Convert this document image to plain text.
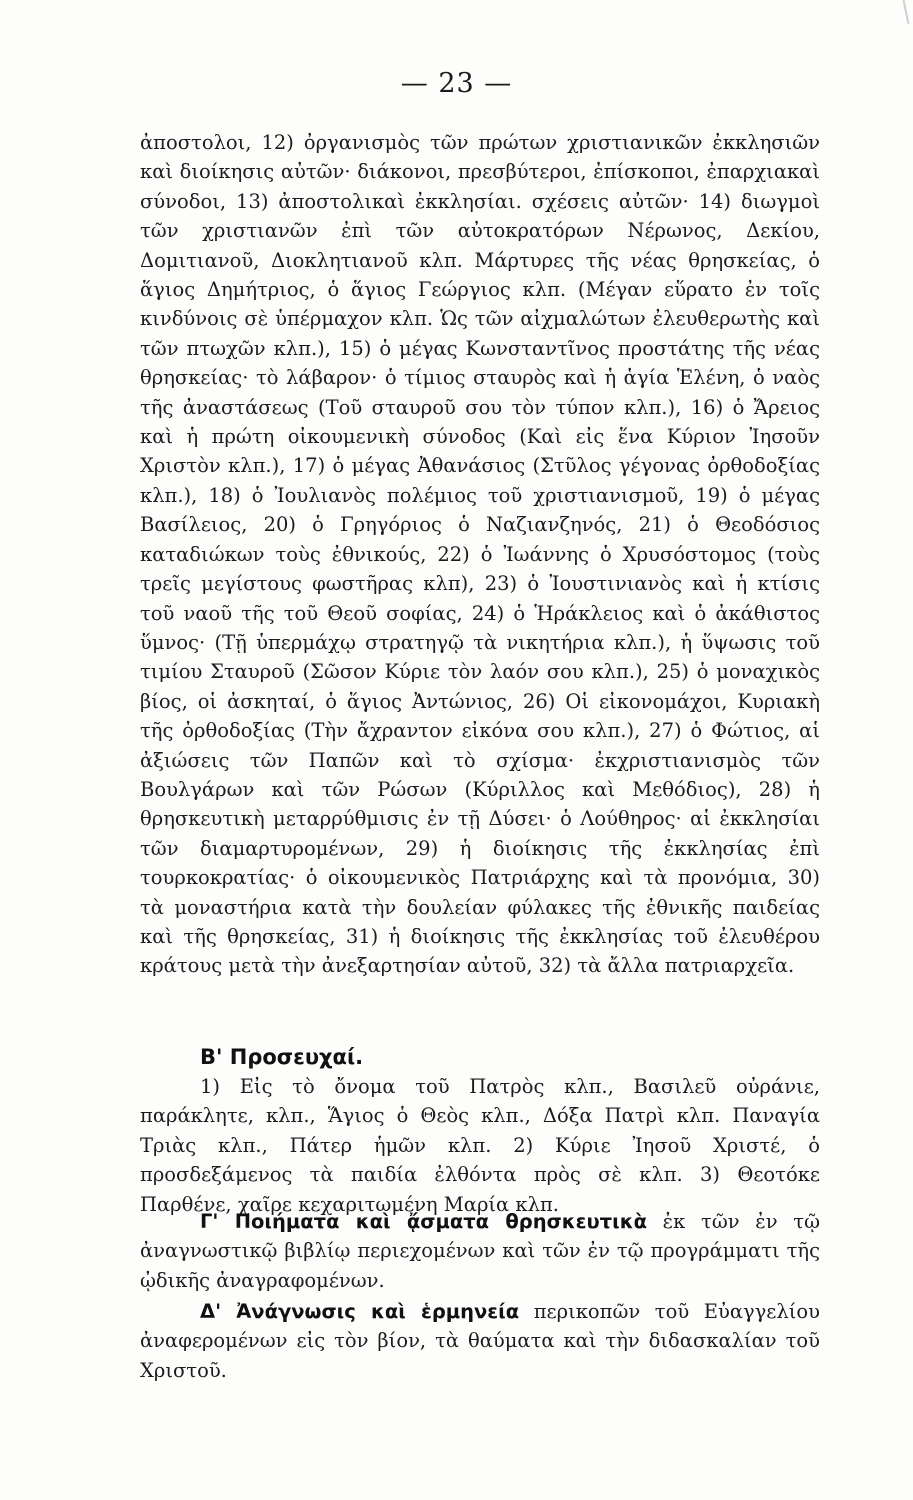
— 23 —

ἀποστολοι, 12) ὀργανισμὸς τῶν πρώτων χριστιανικῶν ἐκκλησιῶν καὶ διοίκησις αὐτῶν· διάκονοι, πρεσβύτεροι, ἐπίσκοποι, ἐπαρχιακαὶ σύνοδοι, 13) ἀποστολικαὶ ἐκκλησίαι. σχέσεις αὐτῶν· 14) διωγμοὶ τῶν χριστιανῶν ἐπὶ τῶν αὐτοκρατόρων Νέρωνος, Δεκίου, Δομιτιανοῦ, Διοκλητιανοῦ κλπ. Μάρτυρες τῆς νέας θρησκείας, ὁ ἅγιος Δημήτριος, ὁ ἅγιος Γεώργιος κλπ. (Μέγαν εὕρατο ἐν τοῖς κινδύνοις σὲ ὑπέρμαχον κλπ. Ὡς τῶν αἰχμαλώτων ἐλευθερωτὴς καὶ τῶν πτωχῶν κλπ.), 15) ὁ μέγας Κωνσταντῖνος προστάτης τῆς νέας θρησκείας· τὸ λάβαρον· ὁ τίμιος σταυρὸς καὶ ἡ ἁγία Ἑλένη, ὁ ναὸς τῆς ἀναστάσεως (Τοῦ σταυροῦ σου τὸν τύπον κλπ.), 16) ὁ Ἄρειος καὶ ἡ πρώτη οἰκουμενικὴ σύνοδος (Καὶ εἰς ἕνα Κύριον Ἰησοῦν Χριστὸν κλπ.), 17) ὁ μέγας Ἀθανάσιος (Στῦλος γέγονας ὀρθοδοξίας κλπ.), 18) ὁ Ἰουλιανὸς πολέμιος τοῦ χριστιανισμοῦ, 19) ὁ μέγας Βασίλειος, 20) ὁ Γρηγόριος ὁ Ναζιανζηνός, 21) ὁ Θεοδόσιος καταδιώκων τοὺς ἐθνικούς, 22) ὁ Ἰωάννης ὁ Χρυσόστομος (τοὺς τρεῖς μεγίστους φωστῆρας κλπ), 23) ὁ Ἰουστινιανὸς καὶ ἡ κτίσις τοῦ ναοῦ τῆς τοῦ Θεοῦ σοφίας, 24) ὁ Ἡράκλειος καὶ ὁ ἀκάθιστος ὕμνος· (Τῇ ὑπερμάχῳ στρατηγῷ τὰ νικητήρια κλπ.), ἡ ὕψωσις τοῦ τιμίου Σταυροῦ (Σῶσον Κύριε τὸν λαόν σου κλπ.), 25) ὁ μοναχικὸς βίος, οἱ ἀσκηταί, ὁ ἅγιος Ἀντώνιος, 26) Οἱ εἰκονομάχοι, Κυριακὴ τῆς ὀρθοδοξίας (Τὴν ἄχραντον εἰκόνα σου κλπ.), 27) ὁ Φώτιος, αἱ ἀξιώσεις τῶν Παπῶν καὶ τὸ σχίσμα· ἐκχριστιανισμὸς τῶν Βουλγάρων καὶ τῶν Ρώσων (Κύριλλος καὶ Μεθόδιος), 28) ἡ θρησκευτικὴ μεταρρύθμισις ἐν τῇ Δύσει· ὁ Λούθηρος· αἱ ἐκκλησίαι τῶν διαμαρτυρομένων, 29) ἡ διοίκησις τῆς ἐκκλησίας ἐπὶ τουρκοκρατίας· ὁ οἰκουμενικὸς Πατριάρχης καὶ τὰ προνόμια, 30) τὰ μοναστήρια κατὰ τὴν δουλείαν φύλακες τῆς ἐθνικῆς παιδείας καὶ τῆς θρησκείας, 31) ἡ διοίκησις τῆς ἐκκλησίας τοῦ ἐλευθέρου κράτους μετὰ τὴν ἀνεξαρτησίαν αὐτοῦ, 32) τὰ ἄλλα πατριαρχεῖα.

Β' Προσευχαί.

1) Εἰς τὸ ὄνομα τοῦ Πατρὸς κλπ., Βασιλεῦ οὐράνιε, παράκλητε, κλπ., Ἅγιος ὁ Θεὸς κλπ., Δόξα Πατρὶ κλπ. Παναγία Τριὰς κλπ., Πάτερ ἡμῶν κλπ. 2) Κύριε Ἰησοῦ Χριστέ, ὁ προσδεξάμενος τὰ παιδία ἐλθόντα πρὸς σὲ κλπ. 3) Θεοτόκε Παρθένε, χαῖρε κεχαριτωμένη Μαρία κλπ.

Γ' Ποιήματα καὶ ᾄσματα θρησκευτικὰ ἐκ τῶν ἐν τῷ ἀναγνωστικῷ βιβλίῳ περιεχομένων καὶ τῶν ἐν τῷ προγράμματι τῆς ᾠδικῆς ἀναγραφομένων.

Δ' Ἀνάγνωσις καὶ ἑρμηνεία περικοπῶν τοῦ Εὐαγγελίου ἀναφερομένων εἰς τὸν βίον, τὰ θαύματα καὶ τὴν διδασκαλίαν τοῦ Χριστοῦ.
